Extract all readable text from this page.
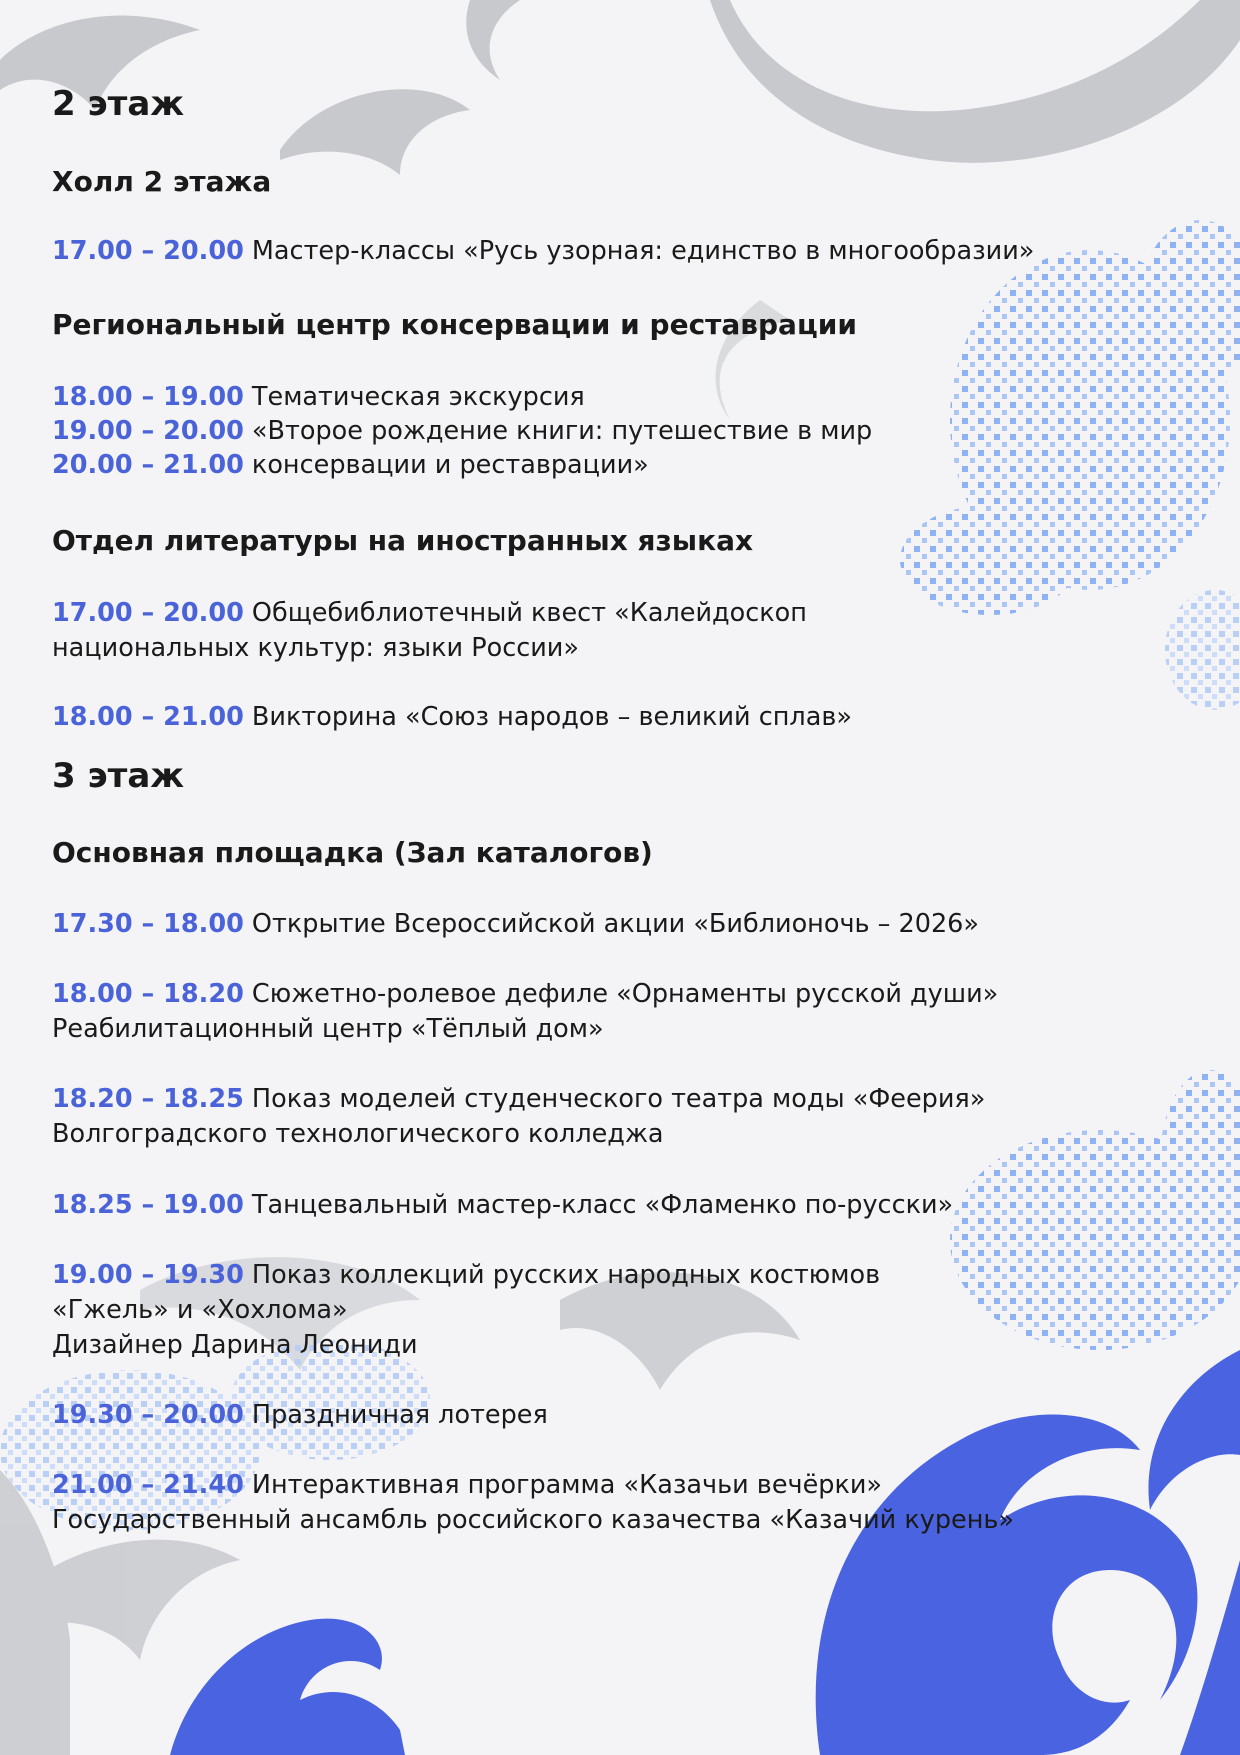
2 этаж
Холл 2 этажа
17.00 – 20.00 Мастер-классы «Русь узорная: единство в многообразии»
Региональный центр консервации и реставрации
18.00 – 19.00 Тематическая экскурсия
19.00 – 20.00 «Второе рождение книги: путешествие в мир
20.00 – 21.00 консервации и реставрации»
Отдел литературы на иностранных языках
17.00 – 20.00 Общебиблиотечный квест «Калейдоскоп
национальных культур: языки России»
18.00 – 21.00 Викторина «Союз народов – великий сплав»
3 этаж
Основная площадка (Зал каталогов)
17.30 – 18.00 Открытие Всероссийской акции «Библионочь – 2026»
18.00 – 18.20 Сюжетно-ролевое дефиле «Орнаменты русской души»
Реабилитационный центр «Тёплый дом»
18.20 – 18.25 Показ моделей студенческого театра моды «Феерия»
Волгоградского технологического колледжа
18.25 – 19.00 Танцевальный мастер-класс «Фламенко по-русски»
19.00 – 19.30 Показ коллекций русских народных костюмов
«Гжель» и «Хохлома»
Дизайнер Дарина Леониди
19.30 – 20.00 Праздничная лотерея
21.00 – 21.40 Интерактивная программа «Казачьи вечёрки»
Государственный ансамбль российского казачества «Казачий курень»
